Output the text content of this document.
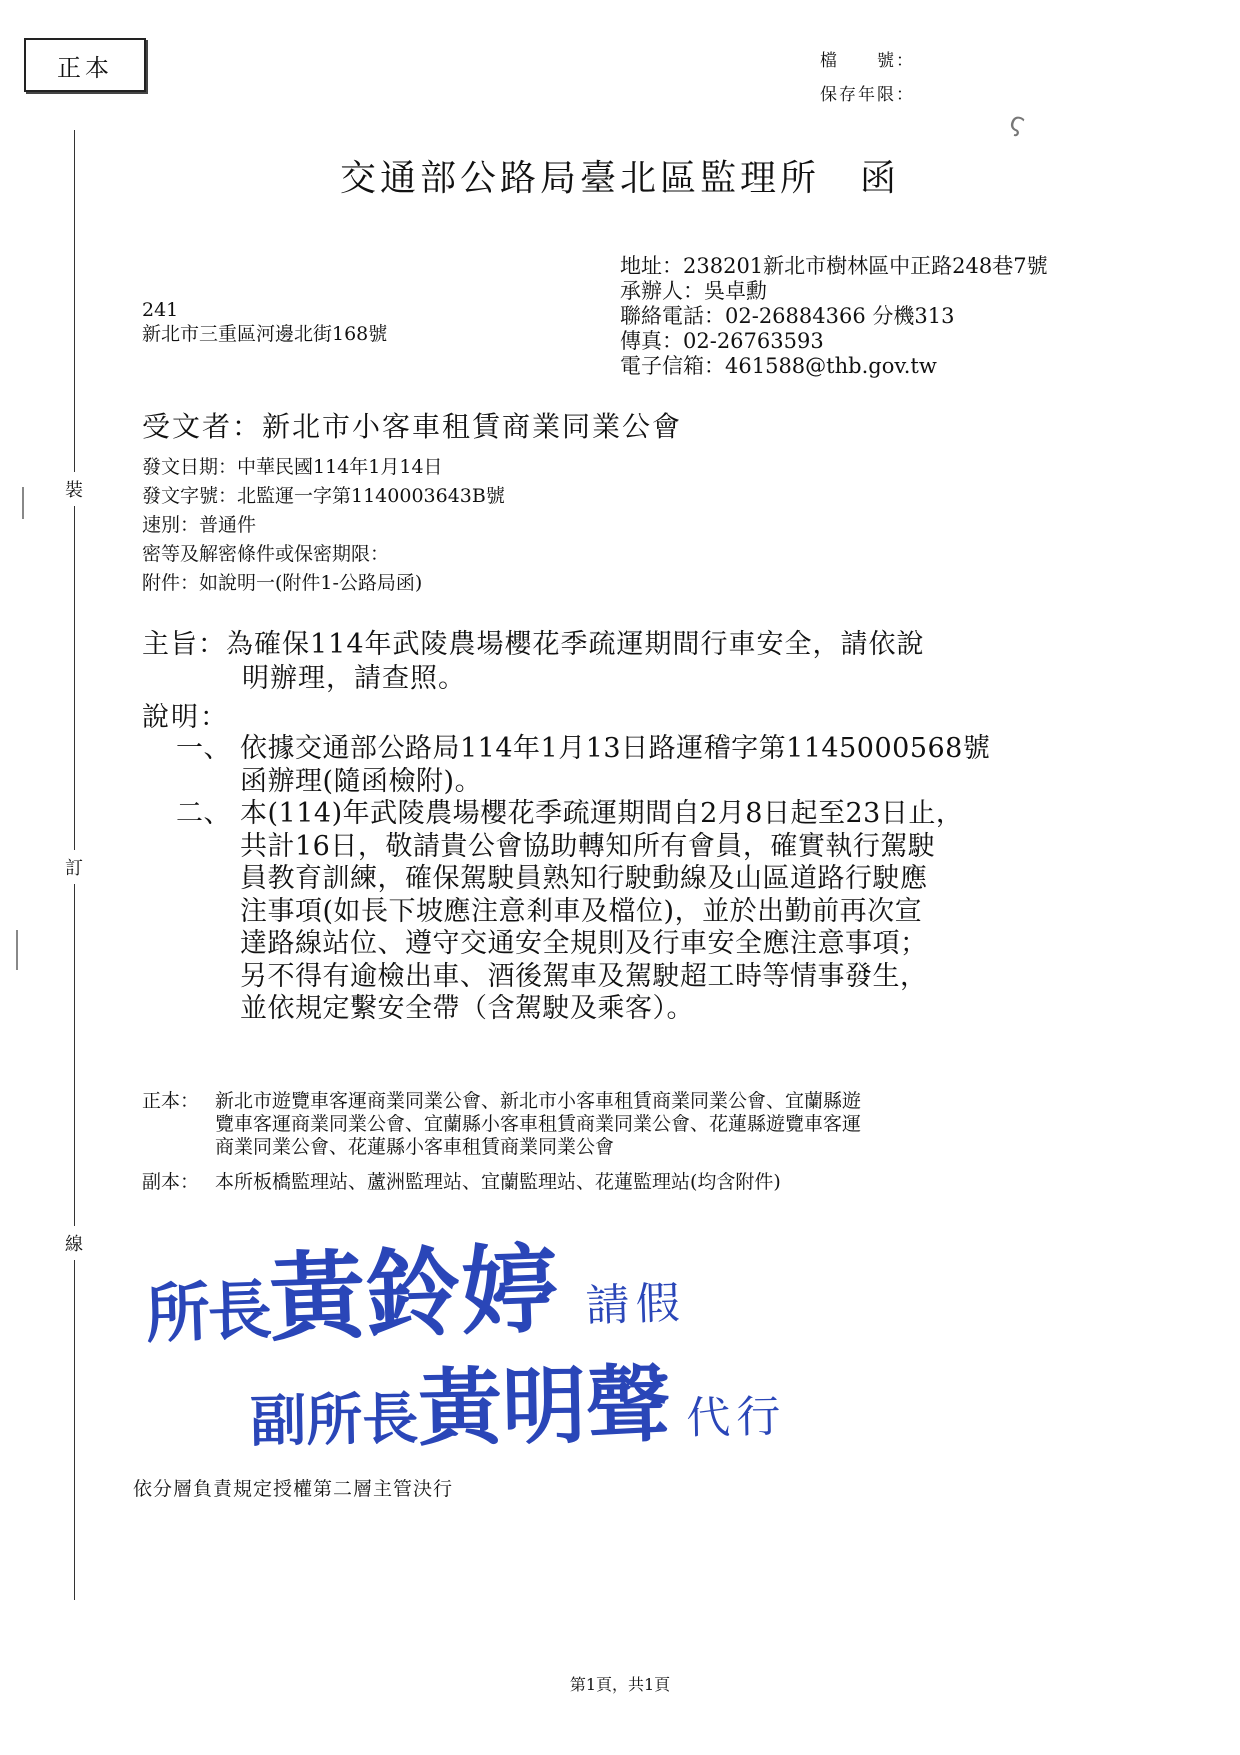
正本	檔　　號：
保存年限：
ς
裝
訂
線
交通部公路局臺北區監理所 函
地址：238201新北市樹林區中正路248巷7號
承辦人：吳卓勳
聯絡電話：02-26884366 分機313
傳真：02-26763593
電子信箱：461588@thb.gov.tw
241
新北市三重區河邊北街168號
受文者：新北市小客車租賃商業同業公會
發文日期：中華民國114年1月14日
發文字號：北監運一字第1140003643B號
速別：普通件
密等及解密條件或保密期限：
附件：如說明一(附件1-公路局函)
主旨：為確保114年武陵農場櫻花季疏運期間行車安全，請依說
明辦理，請查照。
說明：
一、 依據交通部公路局114年1月13日路運稽字第1145000568號
函辦理(隨函檢附)。
二、 本(114)年武陵農場櫻花季疏運期間自2月8日起至23日止，
共計16日，敬請貴公會協助轉知所有會員，確實執行駕駛
員教育訓練，確保駕駛員熟知行駛動線及山區道路行駛應
注事項(如長下坡應注意剎車及檔位)，並於出勤前再次宣
達路線站位、遵守交通安全規則及行車安全應注意事項；
另不得有逾檢出車、酒後駕車及駕駛超工時等情事發生，
並依規定繫安全帶（含駕駛及乘客）。
正本： 新北市遊覽車客運商業同業公會、新北市小客車租賃商業同業公會、宜蘭縣遊
覽車客運商業同業公會、宜蘭縣小客車租賃商業同業公會、花蓮縣遊覽車客運
商業同業公會、花蓮縣小客車租賃商業同業公會
副本： 本所板橋監理站、蘆洲監理站、宜蘭監理站、花蓮監理站(均含附件)
所長黃鈴婷 請假
副所長黃明聲 代行
依分層負責規定授權第二層主管決行
第1頁，共1頁
